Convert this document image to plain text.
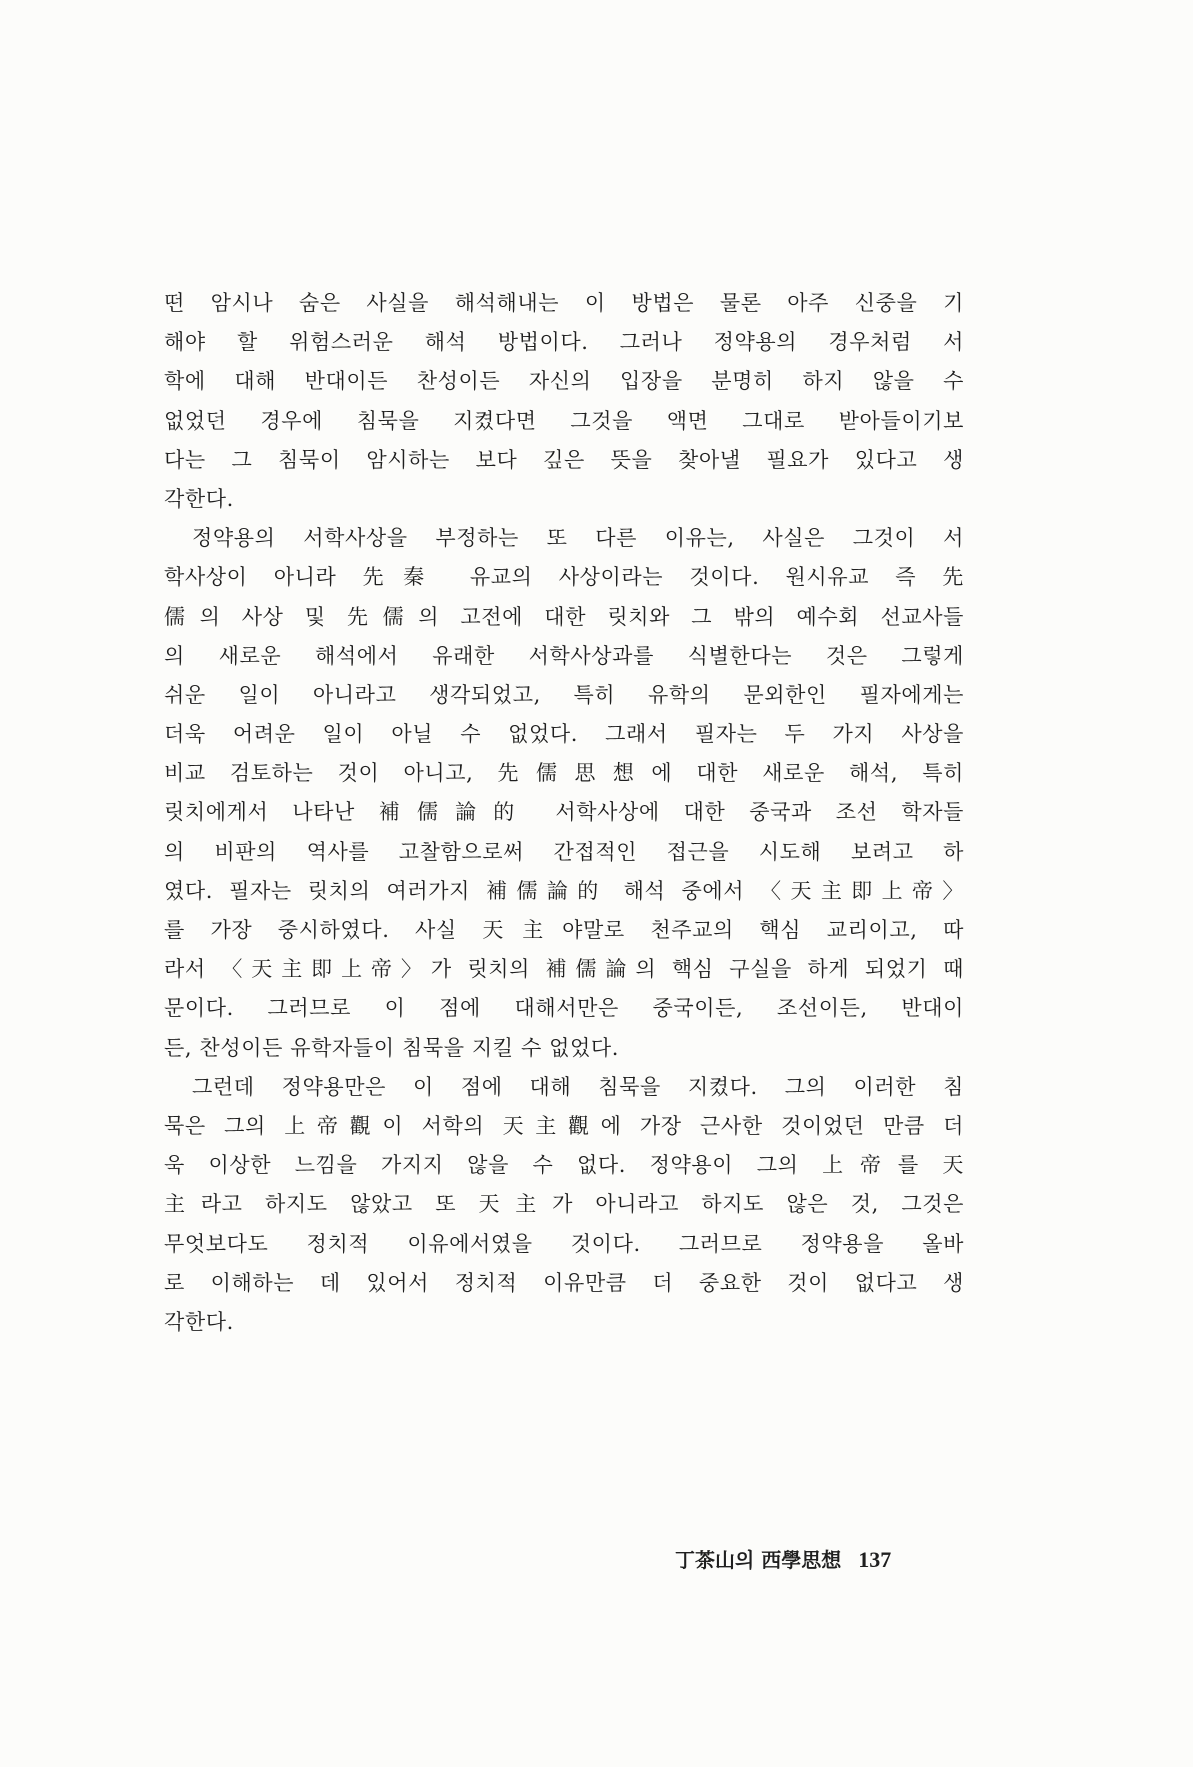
떤 암시나 숨은 사실을 해석해내는 이 방법은 물론 아주 신중을 기
해야 할 위험스러운 해석 방법이다. 그러나 정약용의 경우처럼 서
학에 대해 반대이든 찬성이든 자신의 입장을 분명히 하지 않을 수
없었던 경우에 침묵을 지켰다면 그것을 액면 그대로 받아들이기보
다는 그 침묵이 암시하는 보다 깊은 뜻을 찾아낼 필요가 있다고 생
각한다.
정약용의 서학사상을 부정하는 또 다른 이유는, 사실은 그것이 서
학사상이 아니라 先秦 유교의 사상이라는 것이다. 원시유교 즉 先
儒의 사상 및 先儒의 고전에 대한 릿치와 그 밖의 예수회 선교사들
의 새로운 해석에서 유래한 서학사상과를 식별한다는 것은 그렇게
쉬운 일이 아니라고 생각되었고, 특히 유학의 문외한인 필자에게는
더욱 어려운 일이 아닐 수 없었다. 그래서 필자는 두 가지 사상을
비교 검토하는 것이 아니고, 先儒思想에 대한 새로운 해석, 특히
릿치에게서 나타난 補儒論的 서학사상에 대한 중국과 조선 학자들
의 비판의 역사를 고찰함으로써 간접적인 접근을 시도해 보려고 하
였다. 필자는 릿치의 여러가지 補儒論的 해석 중에서 〈天主即上帝〉
를 가장 중시하였다. 사실 天主야말로 천주교의 핵심 교리이고, 따
라서 〈天主即上帝〉가 릿치의 補儒論의 핵심 구실을 하게 되었기 때
문이다. 그러므로 이 점에 대해서만은 중국이든, 조선이든, 반대이
든, 찬성이든 유학자들이 침묵을 지킬 수 없었다.
그런데 정약용만은 이 점에 대해 침묵을 지켰다. 그의 이러한 침
묵은 그의 上帝觀이 서학의 天主觀에 가장 근사한 것이었던 만큼 더
욱 이상한 느낌을 가지지 않을 수 없다. 정약용이 그의 上帝를 天
主라고 하지도 않았고 또 天主가 아니라고 하지도 않은 것, 그것은
무엇보다도 정치적 이유에서였을 것이다. 그러므로 정약용을 올바
로 이해하는 데 있어서 정치적 이유만큼 더 중요한 것이 없다고 생
각한다.
丁茶山의 西學思想 137
